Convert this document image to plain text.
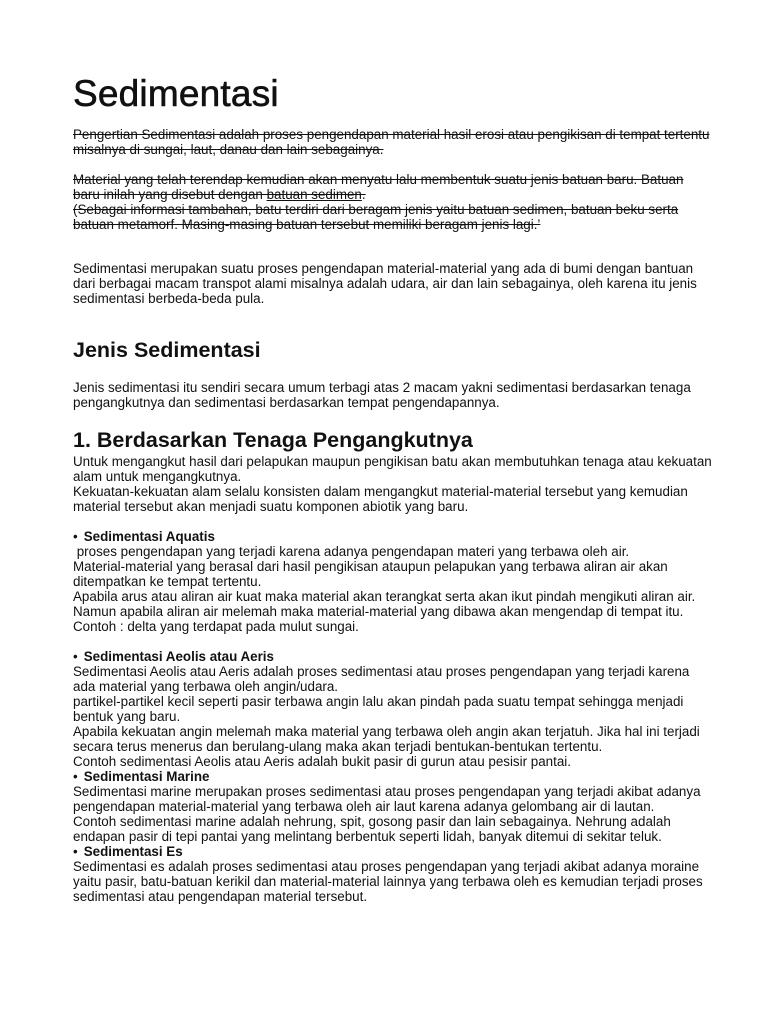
Sedimentasi

Pengertian Sedimentasi adalah proses pengendapan material hasil erosi atau pengikisan di tempat tertentu misalnya di sungai, laut, danau dan lain sebagainya.

Material yang telah terendap kemudian akan menyatu lalu membentuk suatu jenis batuan baru. Batuan baru inilah yang disebut dengan batuan sedimen.
(Sebagai informasi tambahan, batu terdiri dari beragam jenis yaitu batuan sedimen, batuan beku serta batuan metamorf. Masing-masing batuan tersebut memiliki beragam jenis lagi.’

Sedimentasi merupakan suatu proses pengendapan material-material yang ada di bumi dengan bantuan dari berbagai macam transpot alami misalnya adalah udara, air dan lain sebagainya, oleh karena itu jenis sedimentasi berbeda-beda pula.

Jenis Sedimentasi

Jenis sedimentasi itu sendiri secara umum terbagi atas 2 macam yakni sedimentasi berdasarkan tenaga pengangkutnya dan sedimentasi berdasarkan tempat pengendapannya.

1. Berdasarkan Tenaga Pengangkutnya

Untuk mengangkut hasil dari pelapukan maupun pengikisan batu akan membutuhkan tenaga atau kekuatan alam untuk mengangkutnya.

Kekuatan-kekuatan alam selalu konsisten dalam mengangkut material-material tersebut yang kemudian material tersebut akan menjadi suatu komponen abiotik yang baru.

• Sedimentasi Aquatis

proses pengendapan yang terjadi karena adanya pengendapan materi yang terbawa oleh air.

Material-material yang berasal dari hasil pengikisan ataupun pelapukan yang terbawa aliran air akan ditempatkan ke tempat tertentu.

Apabila arus atau aliran air kuat maka material akan terangkat serta akan ikut pindah mengikuti aliran air.

Namun apabila aliran air melemah maka material-material yang dibawa akan mengendap di tempat itu. Contoh : delta yang terdapat pada mulut sungai.

• Sedimentasi Aeolis atau Aeris

Sedimentasi Aeolis atau Aeris adalah proses sedimentasi atau proses pengendapan yang terjadi karena ada material yang terbawa oleh angin/udara.

partikel-partikel kecil seperti pasir terbawa angin lalu akan pindah pada suatu tempat sehingga menjadi bentuk yang baru.

Apabila kekuatan angin melemah maka material yang terbawa oleh angin akan terjatuh. Jika hal ini terjadi secara terus menerus dan berulang-ulang maka akan terjadi bentukan-bentukan tertentu.

Contoh sedimentasi Aeolis atau Aeris adalah bukit pasir di gurun atau pesisir pantai.

• Sedimentasi Marine

Sedimentasi marine merupakan proses sedimentasi atau proses pengendapan yang terjadi akibat adanya pengendapan material-material yang terbawa oleh air laut karena adanya gelombang air di lautan.

Contoh sedimentasi marine adalah nehrung, spit, gosong pasir dan lain sebagainya. Nehrung adalah endapan pasir di tepi pantai yang melintang berbentuk seperti lidah, banyak ditemui di sekitar teluk.

• Sedimentasi Es

Sedimentasi es adalah proses sedimentasi atau proses pengendapan yang terjadi akibat adanya moraine yaitu pasir, batu-batuan kerikil dan material-material lainnya yang terbawa oleh es kemudian terjadi proses sedimentasi atau pengendapan material tersebut.
